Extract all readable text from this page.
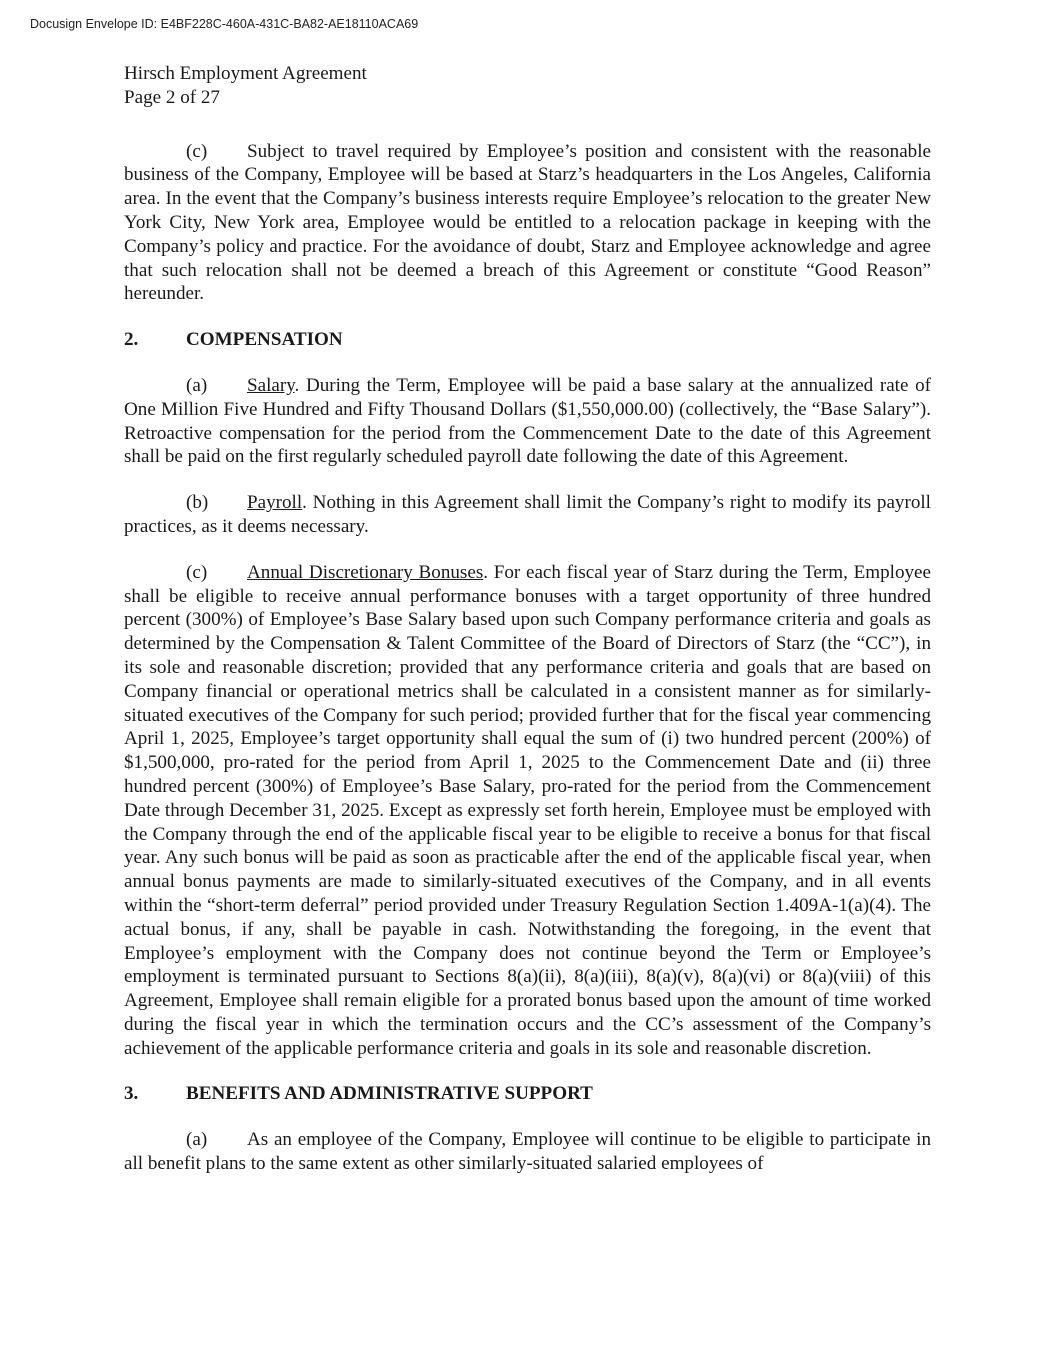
Docusign Envelope ID: E4BF228C-460A-431C-BA82-AE18110ACA69

Hirsch Employment Agreement

Page 2 of 27

(c) Subject to travel required by Employee’s position and consistent with the reasonable business of the Company, Employee will be based at Starz’s headquarters in the Los Angeles, California area. In the event that the Company’s business interests require Employee’s relocation to the greater New York City, New York area, Employee would be entitled to a relocation package in keeping with the Company’s policy and practice. For the avoidance of doubt, Starz and Employee acknowledge and agree that such relocation shall not be deemed a breach of this Agreement or constitute “Good Reason” hereunder.

2.	COMPENSATION

(a) Salary. During the Term, Employee will be paid a base salary at the annualized rate of One Million Five Hundred and Fifty Thousand Dollars ($1,550,000.00) (collectively, the “Base Salary”). Retroactive compensation for the period from the Commencement Date to the date of this Agreement shall be paid on the first regularly scheduled payroll date following the date of this Agreement.

(b) Payroll. Nothing in this Agreement shall limit the Company’s right to modify its payroll practices, as it deems necessary.

(c) Annual Discretionary Bonuses. For each fiscal year of Starz during the Term, Employee shall be eligible to receive annual performance bonuses with a target opportunity of three hundred percent (300%) of Employee’s Base Salary based upon such Company performance criteria and goals as determined by the Compensation & Talent Committee of the Board of Directors of Starz (the “CC”), in its sole and reasonable discretion; provided that any performance criteria and goals that are based on Company financial or operational metrics shall be calculated in a consistent manner as for similarly-situated executives of the Company for such period; provided further that for the fiscal year commencing April 1, 2025, Employee’s target opportunity shall equal the sum of (i) two hundred percent (200%) of $1,500,000, pro-rated for the period from April 1, 2025 to the Commencement Date and (ii) three hundred percent (300%) of Employee’s Base Salary, pro-rated for the period from the Commencement Date through December 31, 2025. Except as expressly set forth herein, Employee must be employed with the Company through the end of the applicable fiscal year to be eligible to receive a bonus for that fiscal year. Any such bonus will be paid as soon as practicable after the end of the applicable fiscal year, when annual bonus payments are made to similarly-situated executives of the Company, and in all events within the “short-term deferral” period provided under Treasury Regulation Section 1.409A-1(a)(4). The actual bonus, if any, shall be payable in cash. Notwithstanding the foregoing, in the event that Employee’s employment with the Company does not continue beyond the Term or Employee’s employment is terminated pursuant to Sections 8(a)(ii), 8(a)(iii), 8(a)(v), 8(a)(vi) or 8(a)(viii) of this Agreement, Employee shall remain eligible for a prorated bonus based upon the amount of time worked during the fiscal year in which the termination occurs and the CC’s assessment of the Company’s achievement of the applicable performance criteria and goals in its sole and reasonable discretion.

3.	BENEFITS AND ADMINISTRATIVE SUPPORT

(a) As an employee of the Company, Employee will continue to be eligible to participate in all benefit plans to the same extent as other similarly-situated salaried employees of
